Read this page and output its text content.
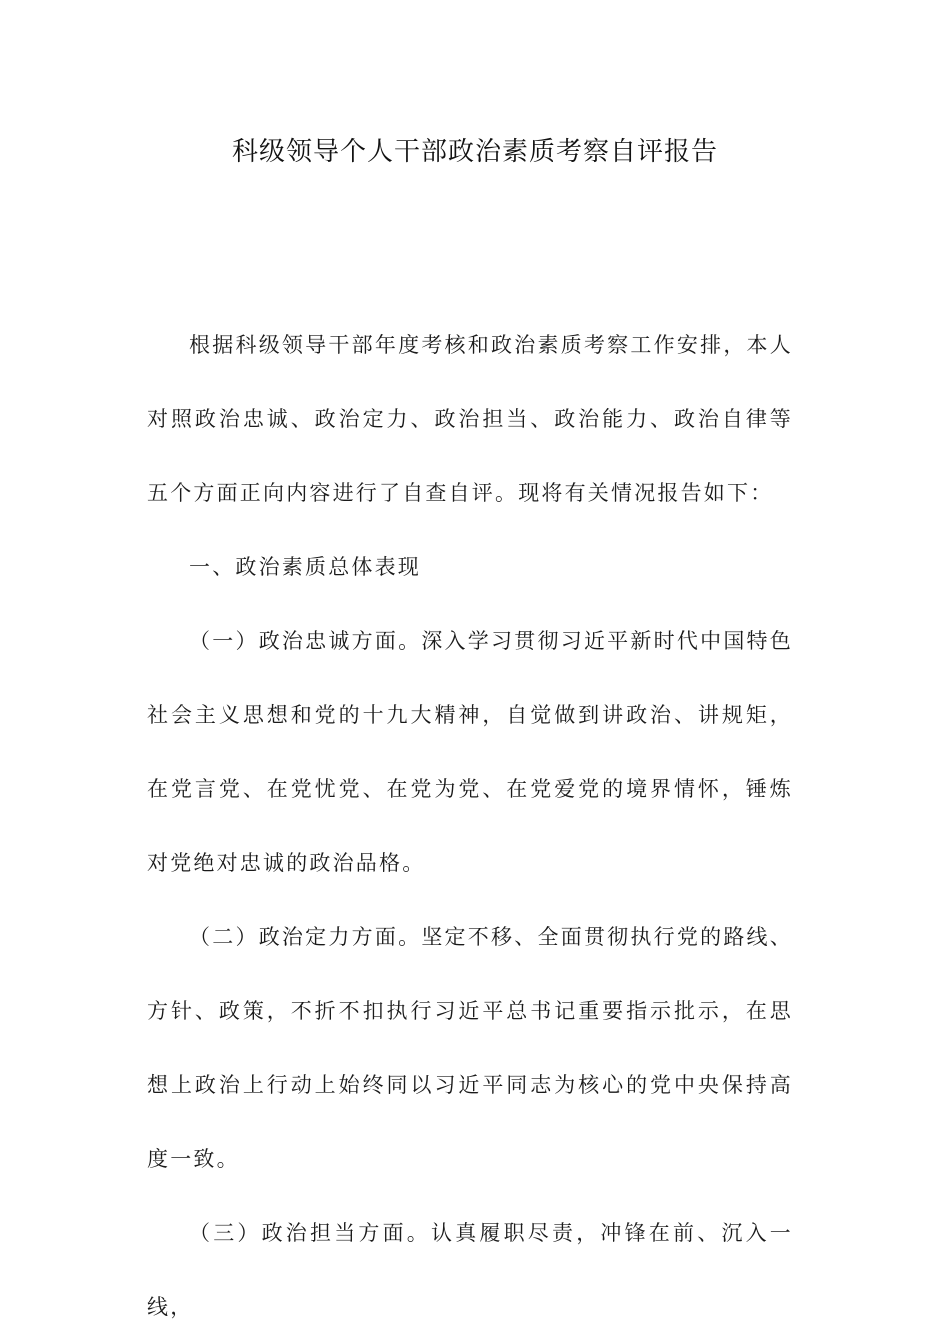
科级领导个人干部政治素质考察自评报告

根据科级领导干部年度考核和政治素质考察工作安排，本人对照政治忠诚、政治定力、政治担当、政治能力、政治自律等五个方面正向内容进行了自查自评。现将有关情况报告如下：

一、政治素质总体表现

（一）政治忠诚方面。深入学习贯彻习近平新时代中国特色社会主义思想和党的十九大精神，自觉做到讲政治、讲规矩，在党言党、在党忧党、在党为党、在党爱党的境界情怀，锤炼对党绝对忠诚的政治品格。

（二）政治定力方面。坚定不移、全面贯彻执行党的路线、方针、政策，不折不扣执行习近平总书记重要指示批示，在思想上政治上行动上始终同以习近平同志为核心的党中央保持高度一致。

（三）政治担当方面。认真履职尽责，冲锋在前、沉入一线，
